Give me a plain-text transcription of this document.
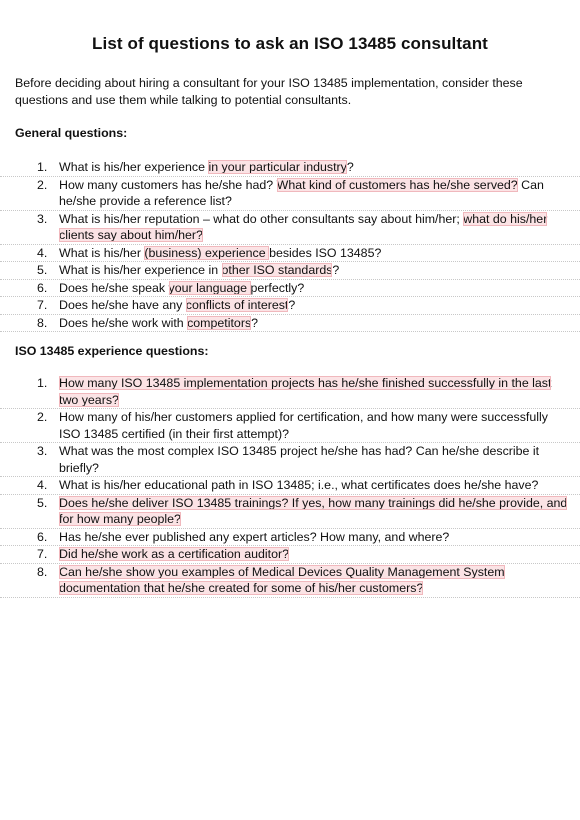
List of questions to ask an ISO 13485 consultant
Before deciding about hiring a consultant for your ISO 13485 implementation, consider these questions and use them while talking to potential consultants.
General questions:
1. What is his/her experience in your particular industry?
2. How many customers has he/she had? What kind of customers has he/she served? Can he/she provide a reference list?
3. What is his/her reputation – what do other consultants say about him/her; what do his/her clients say about him/her?
4. What is his/her (business) experience besides ISO 13485?
5. What is his/her experience in other ISO standards?
6. Does he/she speak your language perfectly?
7. Does he/she have any conflicts of interest?
8. Does he/she work with competitors?
ISO 13485 experience questions:
1. How many ISO 13485 implementation projects has he/she finished successfully in the last two years?
2. How many of his/her customers applied for certification, and how many were successfully ISO 13485 certified (in their first attempt)?
3. What was the most complex ISO 13485 project he/she has had? Can he/she describe it briefly?
4. What is his/her educational path in ISO 13485; i.e., what certificates does he/she have?
5. Does he/she deliver ISO 13485 trainings? If yes, how many trainings did he/she provide, and for how many people?
6. Has he/she ever published any expert articles? How many, and where?
7. Did he/she work as a certification auditor?
8. Can he/she show you examples of Medical Devices Quality Management System documentation that he/she created for some of his/her customers?
